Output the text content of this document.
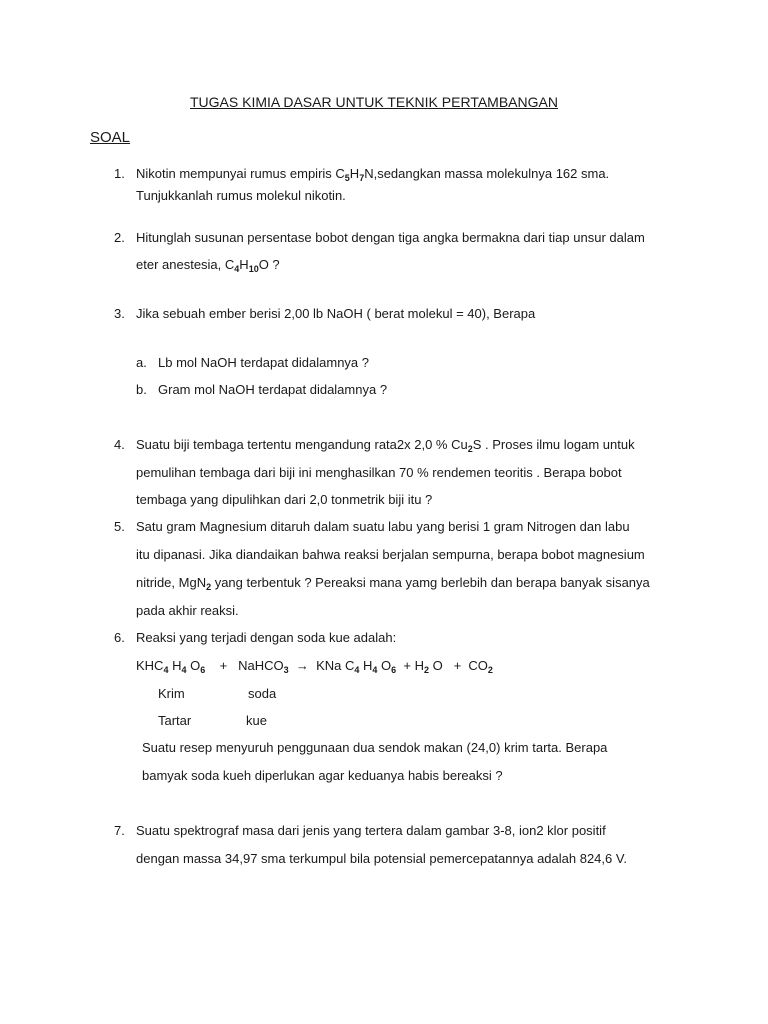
TUGAS KIMIA DASAR UNTUK TEKNIK PERTAMBANGAN
SOAL
1. Nikotin mempunyai rumus empiris $C_5H_7N,sedangkan$ massa molekulnya 162 sma.
Tunjukkanlah rumus molekul nikotin.
2. Hitunglah susunan persentase bobot dengan tiga angka bermakna dari tiap unsur dalam
eter anestesia, $C_4H_{10}O$ ?
3. Jika sebuah ember berisi 2,00 lb NaOH ( berat molekul = 40), Berapa
a. Lb mol NaOH terdapat didalamnya ?
b. Gram mol NaOH terdapat didalamnya ?
4. Suatu biji tembaga tertentu mengandung rata2x 2,0 % $Cu_2S$ . Proses ilmu logam untuk
pemulihan tembaga dari biji ini menghasilkan 70 % rendemen teoritis . Berapa bobot
tembaga yang dipulihkan dari 2,0 tonmetrik biji itu ?
5. Satu gram Magnesium ditaruh dalam suatu labu yang berisi 1 gram Nitrogen dan labu
itu dipanasi. Jika diandaikan bahwa reaksi berjalan sempurna, berapa bobot magnesium
nitride, MgN$_2$ yang terbentuk ? Pereaksi mana yamg berlebih dan berapa banyak sisanya
pada akhir reaksi.
6. Reaksi yang terjadi dengan soda kue adalah:
$KHC_4$ $H_4$ $O_6$    +   NaHCO$_3$ → KNa $C_4$ $H_4$ $O_6 + H_2$ $O + CO_2$
Krim	soda
Tartar	kue
Suatu resep menyuruh penggunaan dua sendok makan (24,0) krim tarta. Berapa
bamyak soda kueh diperlukan agar keduanya habis bereaksi ?
7. Suatu spektrograf masa dari jenis yang tertera dalam gambar 3-8, ion2 klor positif
dengan massa 34,97 sma terkumpul bila potensial pemercepatannya adalah 824,6 V.
